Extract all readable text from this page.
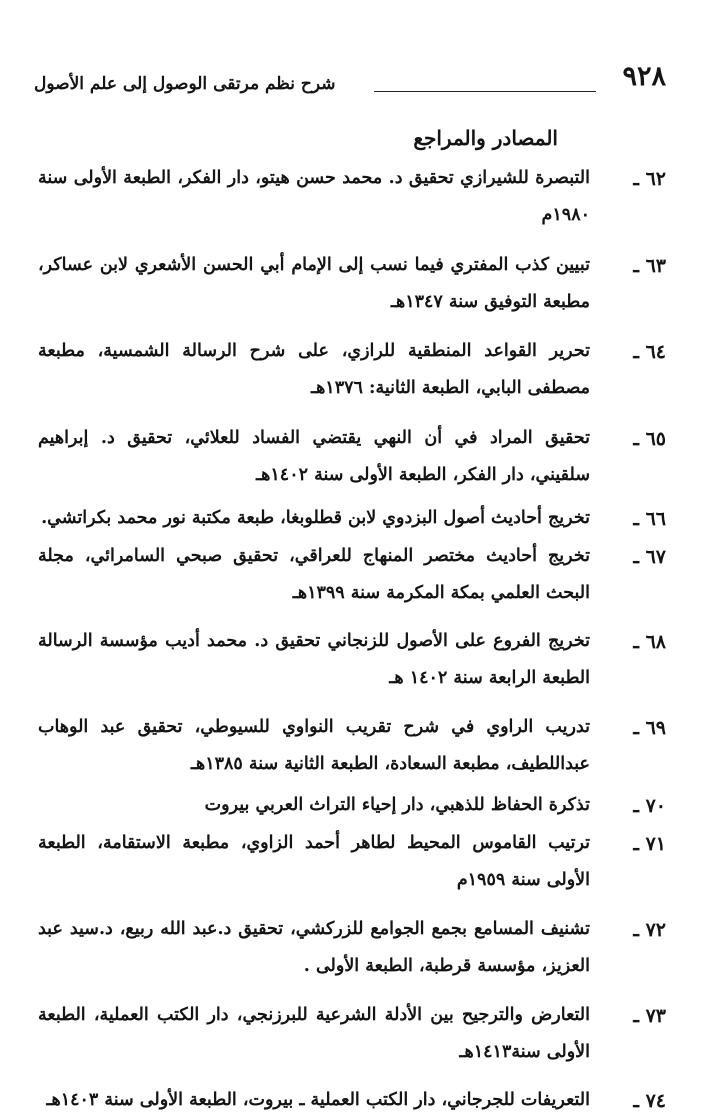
٩٢٨
شرح نظم مرتقى الوصول إلى علم الأصول
المصادر والمراجع
٦٢ ـ
التبصرة للشيرازي تحقيق د. محمد حسن هيتو، دار الفكر، الطبعة الأولى سنة ١٩٨٠م
٦٣ ـ
تبيين كذب المفتري فيما نسب إلى الإمام أبي الحسن الأشعري لابن عساكر، مطبعة التوفيق سنة ١٣٤٧هـ
٦٤ ـ
تحرير القواعد المنطقية للرازي، على شرح الرسالة الشمسية، مطبعة مصطفى البابي، الطبعة الثانية: ١٣٧٦هـ
٦٥ ـ
تحقيق المراد في أن النهي يقتضي الفساد للعلائي، تحقيق د. إبراهيم سلقيني، دار الفكر، الطبعة الأولى سنة ١٤٠٢هـ
٦٦ ـ
تخريج أحاديث أصول البزدوي لابن قطلوبغا، طبعة مكتبة نور محمد بكراتشي.
٦٧ ـ
تخريج أحاديث مختصر المنهاج للعراقي، تحقيق صبحي السامرائي، مجلة البحث العلمي بمكة المكرمة سنة ١٣٩٩هـ
٦٨ ـ
تخريج الفروع على الأصول للزنجاني تحقيق د. محمد أديب مؤسسة الرسالة الطبعة الرابعة سنة ١٤٠٢ هـ
٦٩ ـ
تدريب الراوي في شرح تقريب النواوي للسيوطي، تحقيق عبد الوهاب عبداللطيف، مطبعة السعادة، الطبعة الثانية سنة ١٣٨٥هـ
٧٠ ـ
تذكرة الحفاظ للذهبي، دار إحياء التراث العربي بيروت
٧١ ـ
ترتيب القاموس المحيط لطاهر أحمد الزاوي، مطبعة الاستقامة، الطبعة الأولى سنة ١٩٥٩م
٧٢ ـ
تشنيف المسامع بجمع الجوامع للزركشي، تحقيق د.عبد الله ربيع، د.سيد عبد العزيز، مؤسسة قرطبة، الطبعة الأولى .
٧٣ ـ
التعارض والترجيح بين الأدلة الشرعية للبرزنجي، دار الكتب العملية، الطبعة الأولى سنة١٤١٣هـ
٧٤ ـ
التعريفات للجرجاني، دار الكتب العملية ـ بيروت، الطبعة الأولى سنة ١٤٠٣هـ
